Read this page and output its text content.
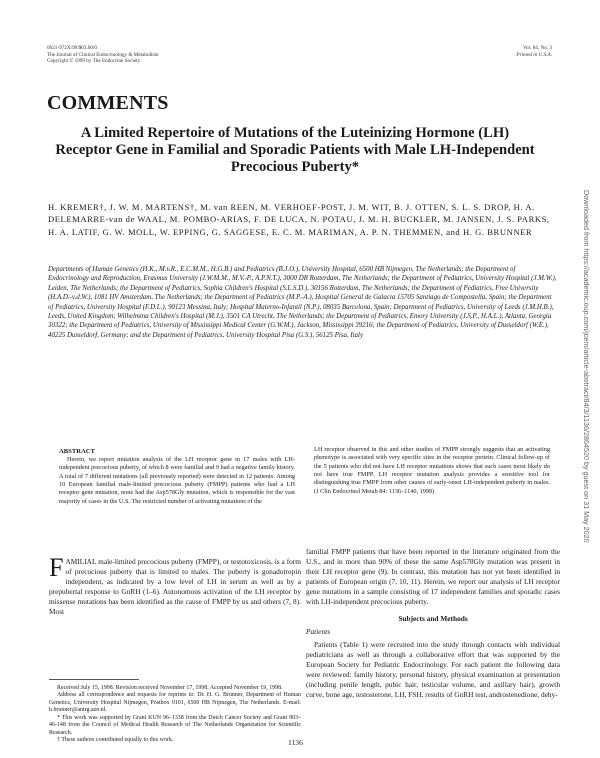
0021-972X/99/$03.00/0
The Journal of Clinical Endocrinology & Metabolism
Copyright © 1999 by The Endocrine Society
Vol. 84, No. 3
Printed in U.S.A.
COMMENTS
A Limited Repertoire of Mutations of the Luteinizing Hormone (LH) Receptor Gene in Familial and Sporadic Patients with Male LH-Independent Precocious Puberty*
H. KREMER†, J. W. M. MARTENS†, M. van REEN, M. VERHOEF-POST, J. M. WIT, B. J. OTTEN, S. L. S. DROP, H. A. DELEMARRE-van de WAAL, M. POMBO-ARIAS, F. DE LUCA, N. POTAU, J. M. H. BUCKLER, M. JANSEN, J. S. PARKS, H. A. LATIF, G. W. MOLL, W. EPPING, G. SAGGESE, E. C. M. MARIMAN, A. P. N. THEMMEN, and H. G. BRUNNER
Departments of Human Genetics (H.K., M.v.R., E.C.M.M., H.G.B.) and Pediatrics (B.J.O.), University Hospital, 6500 HB Nijmegen, The Netherlands; the Department of Endocrinology and Reproduction, Erasmus University (J.W.M.M., M.V.-P., A.P.N.T.), 3000 DR Rotterdam, The Netherlands; the Department of Pediatrics, University Hospital (J.M.W.), Leiden, The Netherlands; the Department of Pediatrics, Sophia Children's Hospital (S.L.S.D.), 30156 Rotterdam, The Netherlands; the Department of Pediatrics, Free University (H.A.D.-v.d.W.), 1081 HV Amsterdam, The Netherlands; the Department of Pediatrics (M.P.-A.), Hospital General de Galacia 15705 Santiago de Compostella, Spain; the Department of Pediatrics, University Hospital (F.D.L.), 90123 Messina, Italy; Hospital Materno-Infantil (N.P.), 08035 Barcelona, Spain; Department of Pediatrics, University of Leeds (J.M.H.B.), Leeds, United Kingdom; Wilhelmina Children's Hospital (M.J.), 3501 CA Utrecht, The Netherlands; the Department of Pediatrics, Emory University (J.S.P., H.A.L.), Atlanta, Georgia 30322; the Department of Pediatrics, University of Mississippi Medical Center (G.W.M.), Jackson, Mississippi 39216; the Department of Pediatrics, University of Dusseldorf (W.E.), 40225 Dusseldorf, Germany; and the Department of Pediatrics, University Hospital Pisa (G.S.), 56125 Pisa, Italy
ABSTRACT

Herein, we report mutation analysis of the LH receptor gene in 17 males with LH-independent precocious puberty, of which 8 were familial and 9 had a negative family history. A total of 7 different mutations (all previously reported) were detected in 12 patients. Among 10 European familial male-limited precocious puberty (FMPP) patients who had a LH receptor gene mutation, none had the Asp578Gly mutation, which is responsible for the vast majority of cases in the U.S. The restricted number of activating mutations of the

LH receptor observed in this and other studies of FMPP strongly suggests that an activating phenotype is associated with very specific sites in the receptor protein. Clinical follow-up of the 5 patients who did not have LH receptor mutations shows that such cases most likely do not have true FMPP. LH receptor mutation analysis provides a sensitive tool for distinguishing true FMPP from other causes of early-onset LH-independent puberty in males. (J Clin Endocrinol Metab 84: 1136–1140, 1999)

FAMILIAL male-limited precocious puberty (FMPP), or testotoxicosis, is a form of precocious puberty that is limited to males. The puberty is gonadotropin independent, as indicated by a low level of LH in serum as well as by a prepubertal response to GnRH (1–6). Autonomous activation of the LH receptor by missense mutations has been identified as the cause of FMPP by us and others (7, 8). Most

familial FMPP patients that have been reported in the literature originated from the U.S., and in more than 90% of these the same Asp578Gly mutation was present in their LH receptor gene (9). In contrast, this mutation has not yet been identified in patients of European origin (7, 10, 11). Herein, we report our analysis of LH receptor gene mutations in a sample consisting of 17 independent families and sporadic cases with LH-independent precocious puberty.

Subjects and Methods
Patients

Patients (Table 1) were recruited into the study through contacts with individual pediatricians as well as through a collaborative effort that was supported by the European Society for Pediatric Endocrinology. For each patient the following data were reviewed: family history, personal history, physical examination at presentation (including penile length, pubic hair, testicular volume, and axillary hair), growth curve, bone age, testosterone, LH, FSH, results of GnRH test, androstenedione, dehy-

Received July 15, 1998. Revision received November 17, 1998. Accepted November 19, 1998.

Address all correspondence and requests for reprints to: Dr. H. G. Brunner, Department of Human Genetics, University Hospital Nijmegen, Postbox 9101, 6500 HB Nijmegen, The Netherlands. E-mail: h.brunner@antrg.azn.nl.

* This work was supported by Grant KUN 96–1338 from the Dutch Cancer Society and Grant 903–46-148 from the Council of Medical Health Research of The Netherlands Organization for Scientific Research.

† These authors contributed equally to this work.	1136
Downloaded from https://academic.oup.com/jcem/article-abstract/84/3/1136/2864520 by guest on 31 May 2020
